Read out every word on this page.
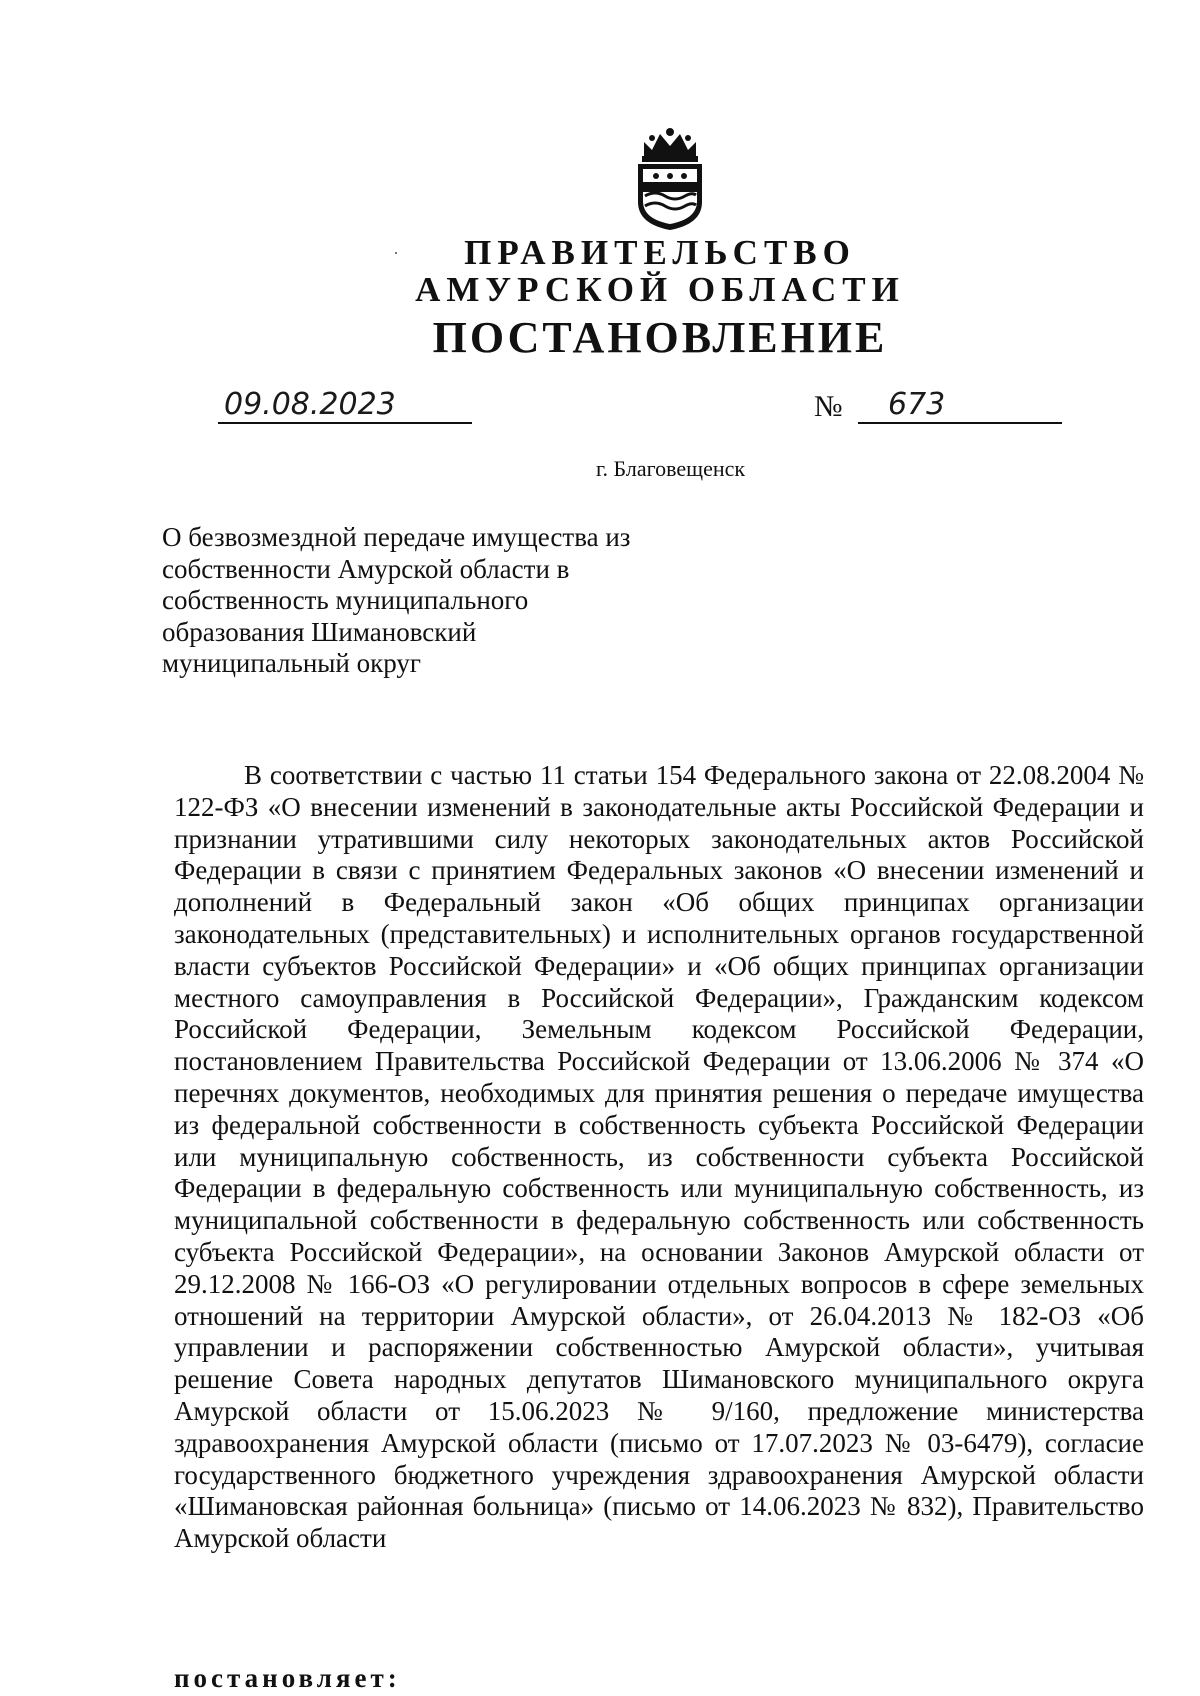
ПРАВИТЕЛЬСТВО
АМУРСКОЙ ОБЛАСТИ
ПОСТАНОВЛЕНИЕ
09.08.2023	№ 673
г. Благовещенск
О безвозмездной передаче имущества из собственности Амурской области в собственность муниципального образования Шимановский муниципальный округ
В соответствии с частью 11 статьи 154 Федерального закона от 22.08.2004 № 122-ФЗ «О внесении изменений в законодательные акты Российской Федерации и признании утратившими силу некоторых законодательных актов Российской Федерации в связи с принятием Федеральных законов «О внесении изменений и дополнений в Федеральный закон «Об общих принципах организации законодательных (представительных) и исполнительных органов государственной власти субъектов Российской Федерации» и «Об общих принципах организации местного самоуправления в Российской Федерации», Гражданским кодексом Российской Федерации, Земельным кодексом Российской Федерации, постановлением Правительства Российской Федерации от 13.06.2006 № 374 «О перечнях документов, необходимых для принятия решения о передаче имущества из федеральной собственности в собственность субъекта Российской Федерации или муниципальную собственность, из собственности субъекта Российской Федерации в федеральную собственность или муниципальную собственность, из муниципальной собственности в федеральную собственность или собственность субъекта Российской Федерации», на основании Законов Амурской области от 29.12.2008 № 166-ОЗ «О регулировании отдельных вопросов в сфере земельных отношений на территории Амурской области», от 26.04.2013 № 182-ОЗ «Об управлении и распоряжении собственностью Амурской области», учитывая решение Совета народных депутатов Шимановского муниципального округа Амурской области от 15.06.2023 № 9/160, предложение министерства здравоохранения Амурской области (письмо от 17.07.2023 № 03-6479), согласие государственного бюджетного учреждения здравоохранения Амурской области «Шимановская районная больница» (письмо от 14.06.2023 № 832), Правительство Амурской области
постановляет:
